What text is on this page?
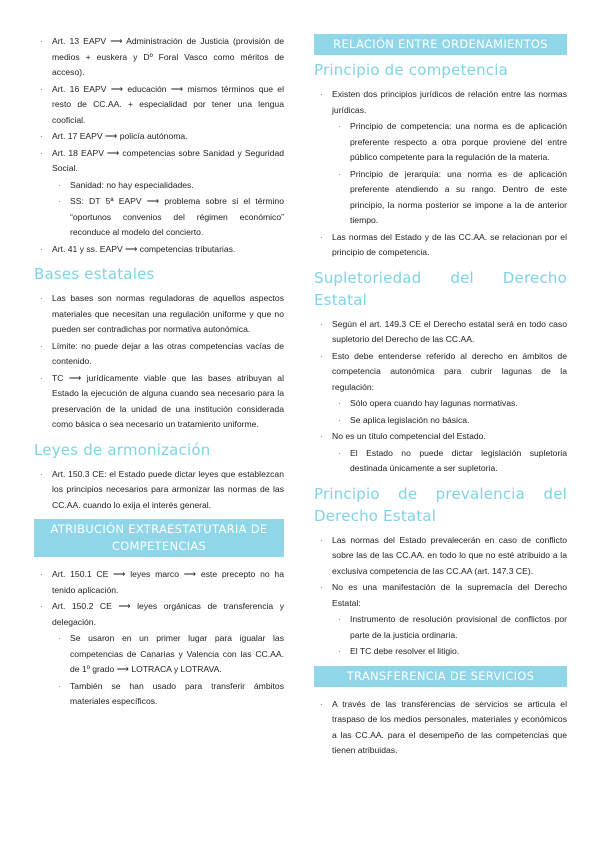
· Art. 13 EAPV ⟶ Administración de Justicia (provisión de medios + euskera y Dº Foral Vasco como méritos de acceso).
· Art. 16 EAPV ⟶ educación ⟶ mismos términos que el resto de CC.AA. + especialidad por tener una lengua cooficial.
· Art. 17 EAPV ⟶ policía autónoma.
· Art. 18 EAPV ⟶ competencias sobre Sanidad y Seguridad Social.
· Sanidad: no hay especialidades.
· SS: DT 5ª EAPV ⟶ problema sobre si el término “oportunos convenios del régimen económico” reconduce al modelo del concierto.
· Art. 41 y ss. EAPV ⟶ competencias tributarias.
Bases estatales
· Las bases son normas reguladoras de aquellos aspectos materiales que necesitan una regulación uniforme y que no pueden ser contradichas por normativa autonómica.
· Límite: no puede dejar a las otras competencias vacías de contenido.
· TC ⟶ jurídicamente viable que las bases atribuyan al Estado la ejecución de alguna cuando sea necesario para la preservación de la unidad de una institución considerada como básica o sea necesario un tratamiento uniforme.
Leyes de armonización
· Art. 150.3 CE: el Estado puede dictar leyes que establezcan los principios necesarios para armonizar las normas de las CC.AA. cuando lo exija el interés general.
ATRIBUCIÓN EXTRAESTATUTARIA DE COMPETENCIAS
· Art. 150.1 CE ⟶ leyes marco ⟶ este precepto no ha tenido aplicación.
· Art. 150.2 CE ⟶ leyes orgánicas de transferencia y delegación.
· Se usaron en un primer lugar para igualar las competencias de Canarias y Valencia con las CC.AA. de 1º grado ⟶ LOTRACA y LOTRAVA.
· También se han usado para transferir ámbitos materiales específicos.
RELACIÓN ENTRE ORDENAMIENTOS
Principio de competencia
· Existen dos principios jurídicos de relación entre las normas jurídicas.
· Principio de competencia: una norma es de aplicación preferente respecto a otra porque proviene del entre público competente para la regulación de la materia.
· Principio de jerarquía: una norma es de aplicación preferente atendiendo a su rango. Dentro de este principio, la norma posterior se impone a la de anterior tiempo.
· Las normas del Estado y de las CC.AA. se relacionan por el principio de competencia.
Supletoriedad del Derecho Estatal
· Según el art. 149.3 CE el Derecho estatal será en todo caso supletorio del Derecho de las CC.AA.
· Esto debe entenderse referido al derecho en ámbitos de competencia autonómica para cubrir lagunas de la regulación:
· Sólo opera cuando hay lagunas normativas.
· Se aplica legislación no básica.
· No es un título competencial del Estado.
· El Estado no puede dictar legislación supletoria destinada únicamente a ser supletoria.
Principio de prevalencia del Derecho Estatal
· Las normas del Estado prevalecerán en caso de conflicto sobre las de las CC.AA. en todo lo que no esté atribuido a la exclusiva competencia de las CC.AA (art. 147.3 CE).
· No es una manifestación de la supremacía del Derecho Estatal:
· Instrumento de resolución provisional de conflictos por parte de la justicia ordinaria.
· El TC debe resolver el litigio.
TRANSFERENCIA DE SERVICIOS
· A través de las transferencias de servicios se articula el traspaso de los medios personales, materiales y económicos a las CC.AA. para el desempeño de las competencias que tienen atribuidas.
